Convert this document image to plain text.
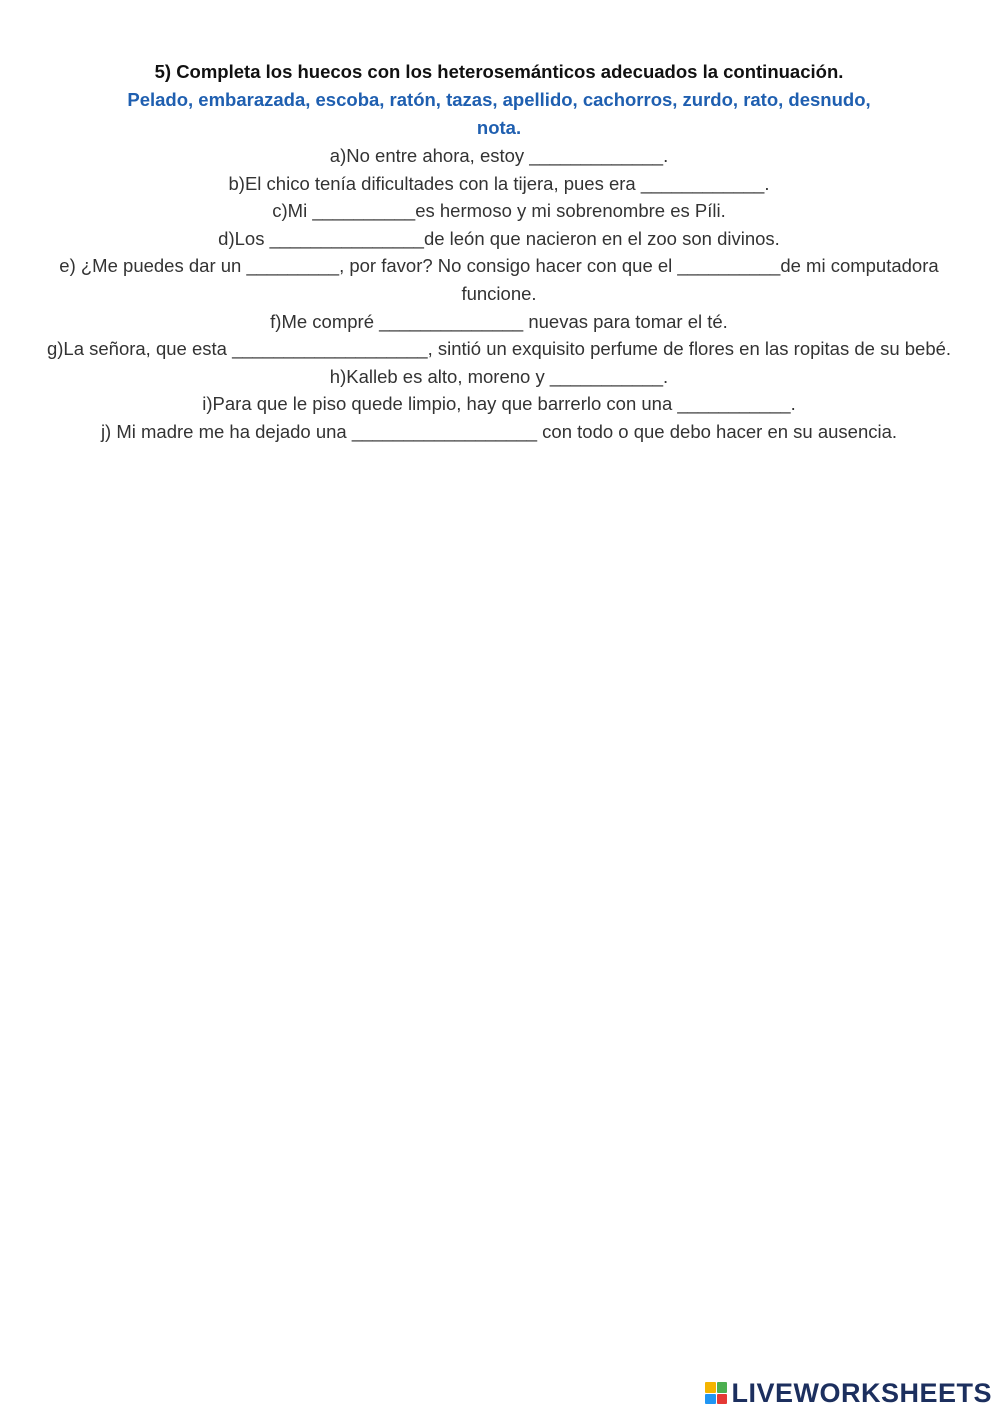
5) Completa los huecos con los heterosemánticos adecuados la continuación.

Pelado, embarazada, escoba, ratón, tazas, apellido, cachorros, zurdo, rato, desnudo,

nota.

a)No entre ahora, estoy _____________.
b)El chico tenía dificultades con la tijera, pues era ____________.
c)Mi __________es hermoso y mi sobrenombre es Píli.
d)Los _______________de león que nacieron en el zoo son divinos.
e) ¿Me puedes dar un _________, por favor? No consigo hacer con que el __________de mi computadora funcione.
f)Me compré ______________ nuevas para tomar el té.
g)La señora, que esta ___________________, sintió un exquisito perfume de flores en las ropitas de su bebé.
h)Kalleb es alto, moreno y ___________.
i)Para que le piso quede limpio, hay que barrerlo con una ___________.
j) Mi madre me ha dejado una __________________ con todo o que debo hacer en su ausencia.
LIVEWORKSHEETS
